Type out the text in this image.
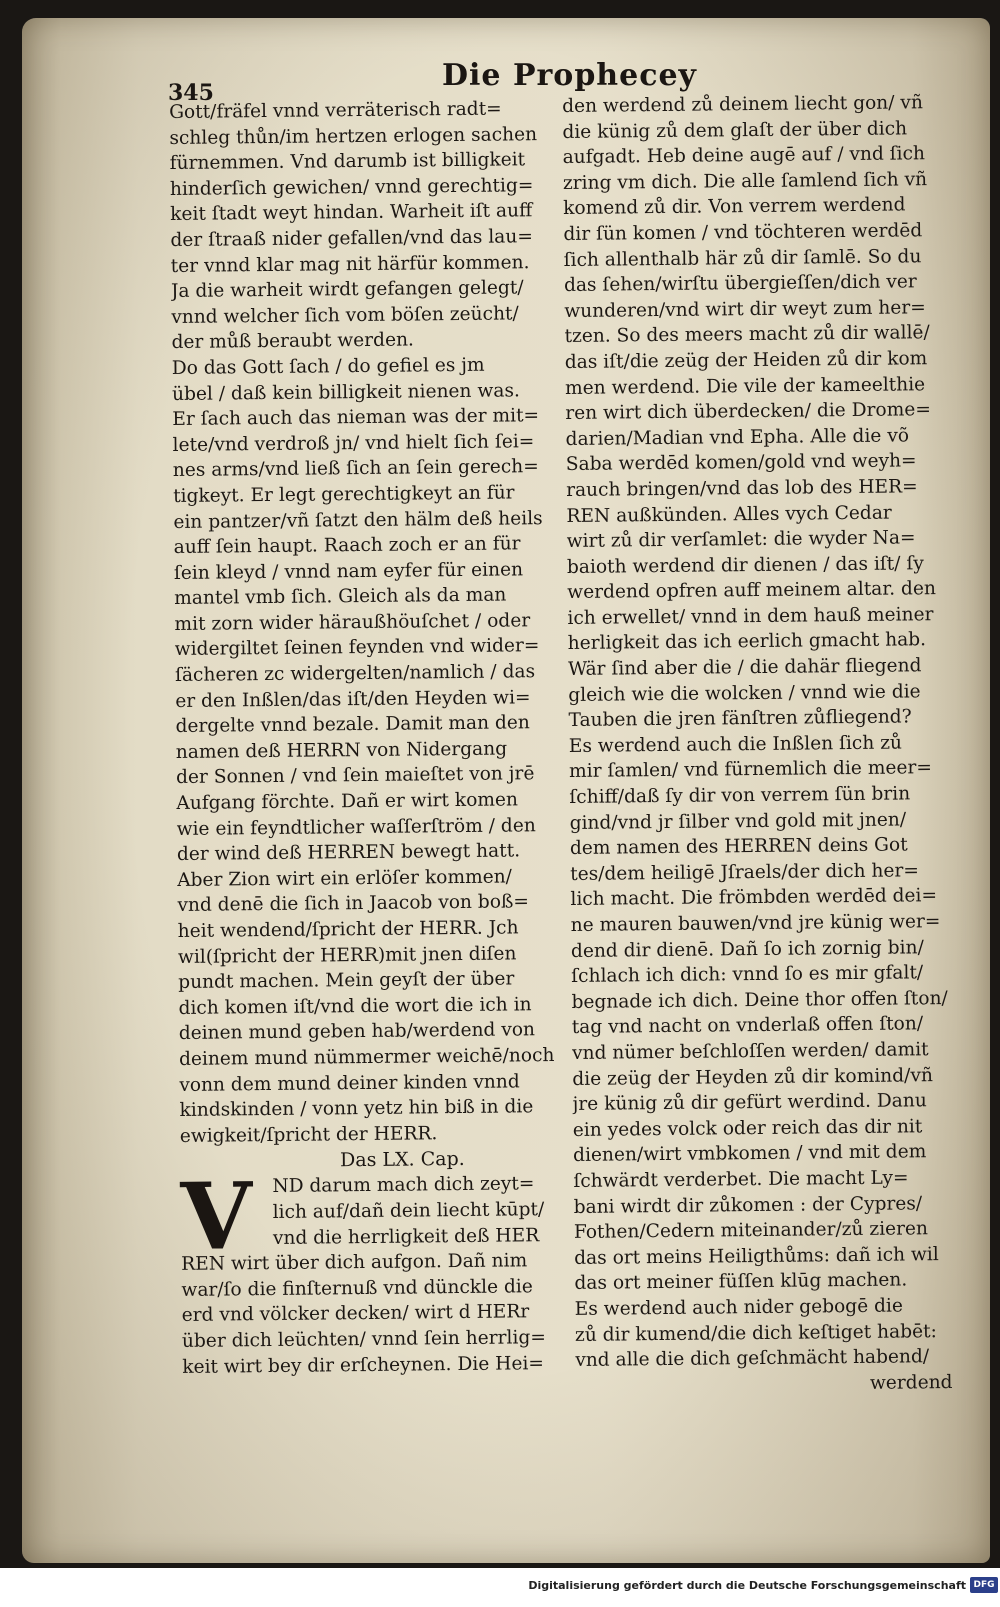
345	Die Prophecey
Gott/fräfel vnnd verräterisch radt=
schleg thůn/im hertzen erlogen sachen
fürnemmen. Vnd darumb ist billigkeit
hinderſich gewichen/ vnnd gerechtig=
keit ſtadt weyt hindan. Warheit iſt auff
der ſtraaß nider gefallen/vnd das lau=
ter vnnd klar mag nit härfür kommen.
Ja die warheit wirdt gefangen gelegt/
vnnd welcher ſich vom böſen zeücht/
der můß beraubt werden.
Do das Gott ſach / do gefiel es jm
übel / daß kein billigkeit nienen was.
Er ſach auch das nieman was der mit=
lete/vnd verdroß jn/ vnd hielt ſich ſei=
nes arms/vnd ließ ſich an ſein gerech=
tigkeyt. Er legt gerechtigkeyt an für
ein pantzer/vñ ſatzt den hälm deß heils
auff ſein haupt. Raach zoch er an für
ſein kleyd / vnnd nam eyfer für einen
mantel vmb ſich. Gleich als da man
mit zorn wider häraußhöuſchet / oder
widergiltet ſeinen feynden vnd wider=
ſächeren zc widergelten/namlich / das
er den Inßlen/das iſt/den Heyden wi=
dergelte vnnd bezale. Damit man den
namen deß HERRN von Nidergang
der Sonnen / vnd ſein maieſtet von jrē
Aufgang förchte. Dañ er wirt komen
wie ein feyndtlicher waſſerſtröm / den
der wind deß HERREN bewegt hatt.
Aber Zion wirt ein erlöſer kommen/
vnd denē die ſich in Jaacob von boß=
heit wendend/ſpricht der HERR. Jch
wil(ſpricht der HERR)mit jnen diſen
pundt machen. Mein geyſt der über
dich komen iſt/vnd die wort die ich in
deinen mund geben hab/werdend von
deinem mund nümmermer weichē/noch
vonn dem mund deiner kinden vnnd
kindskinden / vonn yetz hin biß in die
ewigkeit/ſpricht der HERR.
Das LX. Cap.
V	ND darum mach dich zeyt=
lich auf/dañ dein liecht kūpt/
vnd die herrligkeit deß HER
REN wirt über dich aufgon. Dañ nim
war/ſo die finſternuß vnd dünckle die
erd vnd völcker decken/ wirt d HERr
über dich leüchten/ vnnd ſein herrlig=
keit wirt bey dir erſcheynen. Die Hei=
den werdend zů deinem liecht gon/ vñ
die künig zů dem glaſt der über dich
aufgadt. Heb deine augē auf / vnd ſich
zring vm dich. Die alle ſamlend ſich vñ
komend zů dir. Von verrem werdend
dir ſün komen / vnd töchteren werdēd
ſich allenthalb här zů dir ſamlē. So du
das ſehen/wirſtu übergieſſen/dich ver
wunderen/vnd wirt dir weyt zum her=
tzen. So des meers macht zů dir wallē/
das iſt/die zeüg der Heiden zů dir kom
men werdend. Die vile der kameelthie
ren wirt dich überdecken/ die Drome=
darien/Madian vnd Epha. Alle die võ
Saba werdēd komen/gold vnd weyh=
rauch bringen/vnd das lob des HER=
REN außkünden. Alles vych Cedar
wirt zů dir verſamlet: die wyder Na=
baioth werdend dir dienen / das iſt/ ſy
werdend opfren auff meinem altar. den
ich erwellet/ vnnd in dem hauß meiner
herligkeit das ich eerlich gmacht hab.
Wär ſind aber die / die dahär fliegend
gleich wie die wolcken / vnnd wie die
Tauben die jren fänſtren zůfliegend?
Es werdend auch die Inßlen ſich zů
mir ſamlen/ vnd fürnemlich die meer=
ſchiff/daß ſy dir von verrem ſün brin
gind/vnd jr ſilber vnd gold mit jnen/
dem namen des HERREN deins Got
tes/dem heiligē Jſraels/der dich her=
lich macht. Die frömbden werdēd dei=
ne mauren bauwen/vnd jre künig wer=
dend dir dienē. Dañ ſo ich zornig bin/
ſchlach ich dich: vnnd ſo es mir gfalt/
begnade ich dich. Deine thor offen ſton/
tag vnd nacht on vnderlaß offen ſton/
vnd nümer beſchloſſen werden/ damit
die zeüg der Heyden zů dir komind/vñ
jre künig zů dir gefürt werdind. Danu
ein yedes volck oder reich das dir nit
dienen/wirt vmbkomen / vnd mit dem
ſchwärdt verderbet. Die macht Ly=
bani wirdt dir zůkomen : der Cypres/
Fothen/Cedern miteinander/zů zieren
das ort meins Heiligthůms: dañ ich wil
das ort meiner füſſen klūg machen.
Es werdend auch nider gebogē die
zů dir kumend/die dich keſtiget habēt:
vnd alle die dich geſchmächt habend/
werdend
Digitalisierung gefördert durch die Deutsche Forschungsgemeinschaft DFG
